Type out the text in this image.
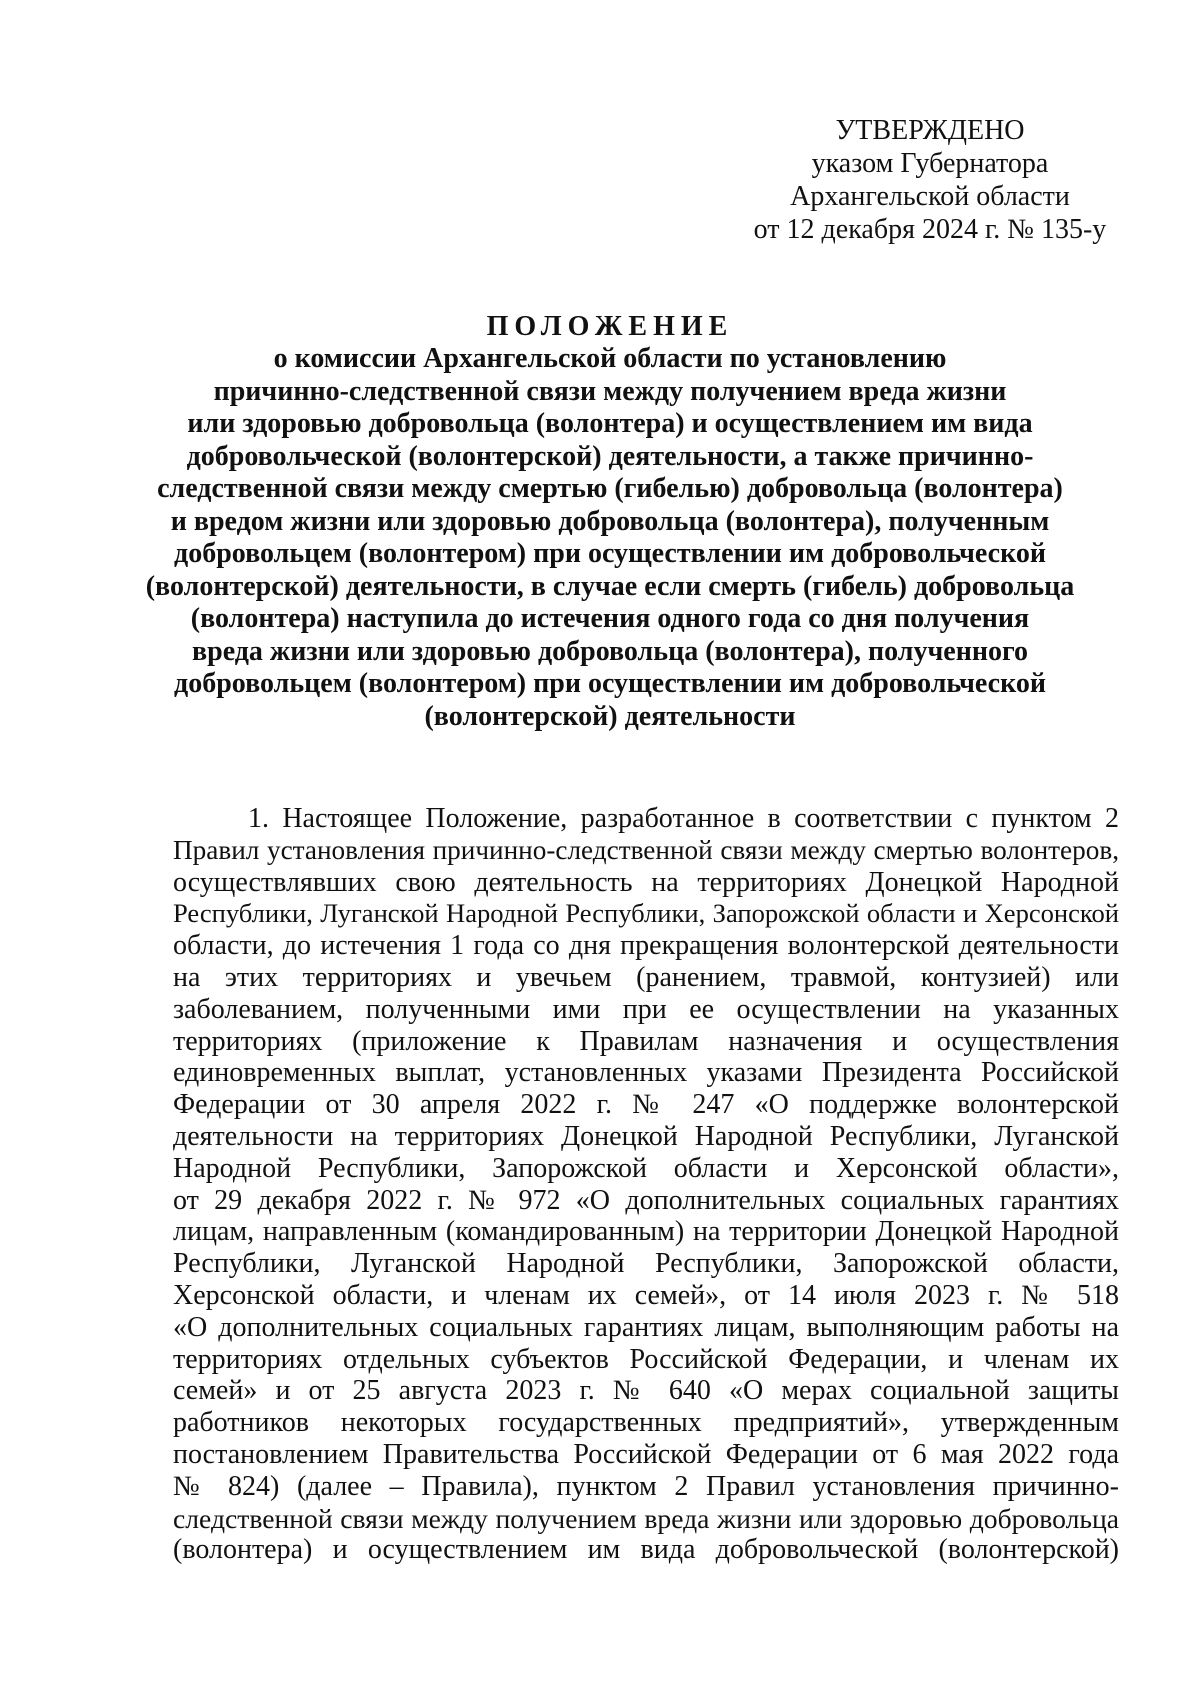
УТВЕРЖДЕНО
указом Губернатора
Архангельской области
от 12 декабря 2024 г. № 135-у
ПОЛОЖЕНИЕ
о комиссии Архангельской области по установлению
причинно-следственной связи между получением вреда жизни
или здоровью добровольца (волонтера) и осуществлением им вида
добровольческой (волонтерской) деятельности, а также причинно-
следственной связи между смертью (гибелью) добровольца (волонтера)
и вредом жизни или здоровью добровольца (волонтера), полученным
добровольцем (волонтером) при осуществлении им добровольческой
(волонтерской) деятельности, в случае если смерть (гибель) добровольца
(волонтера) наступила до истечения одного года со дня получения
вреда жизни или здоровью добровольца (волонтера), полученного
добровольцем (волонтером) при осуществлении им добровольческой
(волонтерской) деятельности
1. Настоящее Положение, разработанное в соответствии с пунктом 2
Правил установления причинно-следственной связи между смертью волонтеров,
осуществлявших свою деятельность на территориях Донецкой Народной
Республики, Луганской Народной Республики, Запорожской области и Херсонской
области, до истечения 1 года со дня прекращения волонтерской деятельности
на этих территориях и увечьем (ранением, травмой, контузией) или
заболеванием, полученными ими при ее осуществлении на указанных
территориях (приложение к Правилам назначения и осуществления
единовременных выплат, установленных указами Президента Российской
Федерации от 30 апреля 2022 г. № 247 «О поддержке волонтерской
деятельности на территориях Донецкой Народной Республики, Луганской
Народной Республики, Запорожской области и Херсонской области»,
от 29 декабря 2022 г. № 972 «О дополнительных социальных гарантиях
лицам, направленным (командированным) на территории Донецкой Народной
Республики, Луганской Народной Республики, Запорожской области,
Херсонской области, и членам их семей», от 14 июля 2023 г. № 518
«О дополнительных социальных гарантиях лицам, выполняющим работы на
территориях отдельных субъектов Российской Федерации, и членам их
семей» и от 25 августа 2023 г. № 640 «О мерах социальной защиты
работников некоторых государственных предприятий», утвержденным
постановлением Правительства Российской Федерации от 6 мая 2022 года
№ 824) (далее – Правила), пунктом 2 Правил установления причинно-
следственной связи между получением вреда жизни или здоровью добровольца
(волонтера) и осуществлением им вида добровольческой (волонтерской)
